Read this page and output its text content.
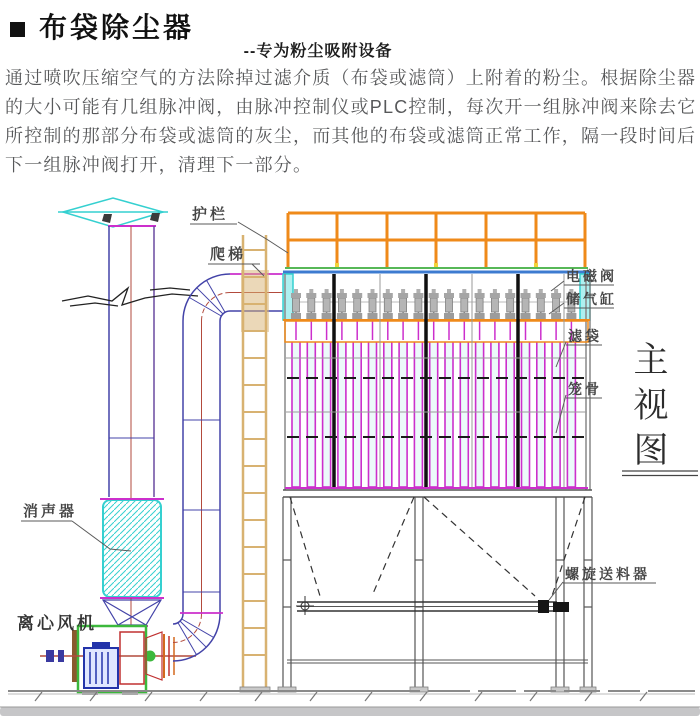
布袋除尘器
--专为粉尘吸附设备

通过喷吹压缩空气的方法除掉过滤介质（布袋或滤筒）上附着的粉尘。根据除尘器的大小可能有几组脉冲阀，由脉冲控制仪或PLC控制，每次开一组脉冲阀来除去它所控制的那部分布袋或滤筒的灰尘，而其他的布袋或滤筒正常工作，隔一段时间后下一组脉冲阀打开，清理下一部分。

护栏
爬梯
电磁阀
储气缸
滤袋
笼骨
消声器
离心风机
螺旋送料器
主
视
图
